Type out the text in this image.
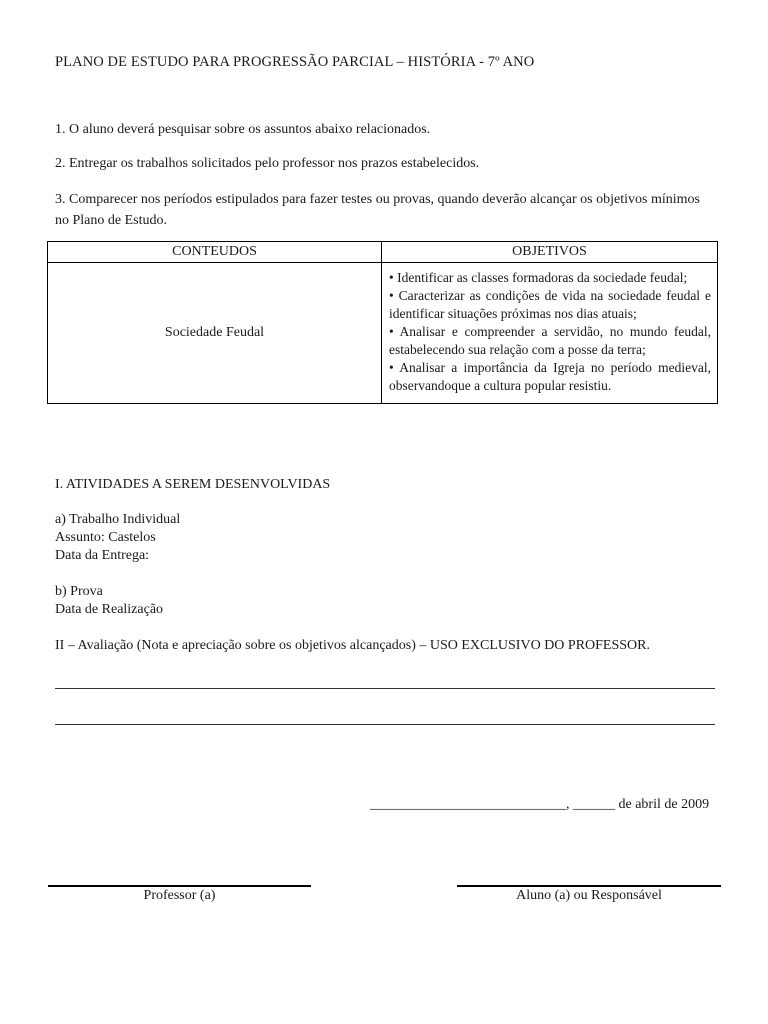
PLANO DE ESTUDO PARA PROGRESSÃO PARCIAL – HISTÓRIA - 7º ANO
1. O aluno deverá pesquisar sobre os assuntos abaixo relacionados.
2. Entregar os trabalhos solicitados pelo professor nos prazos estabelecidos.
3. Comparecer nos períodos estipulados para fazer testes ou provas, quando deverão alcançar os objetivos mínimos no Plano de Estudo.
CONTEUDOS	OBJETIVOS
Sociedade Feudal	• Identificar as classes formadoras da sociedade feudal;
• Caracterizar as condições de vida na sociedade feudal e identificar situações próximas nos dias atuais;
• Analisar e compreender a servidão, no mundo feudal, estabelecendo sua relação com a posse da terra;
• Analisar a importância da Igreja no período medieval, observandoque a cultura popular resistiu.
I. ATIVIDADES A SEREM DESENVOLVIDAS
a) Trabalho Individual
Assunto: Castelos
Data da Entrega:
b) Prova
Data de Realização
II – Avaliação (Nota e apreciação sobre os objetivos alcançados) – USO EXCLUSIVO DO PROFESSOR.
____________________________, ______ de abril de 2009
Professor (a)	Aluno (a) ou Responsável
